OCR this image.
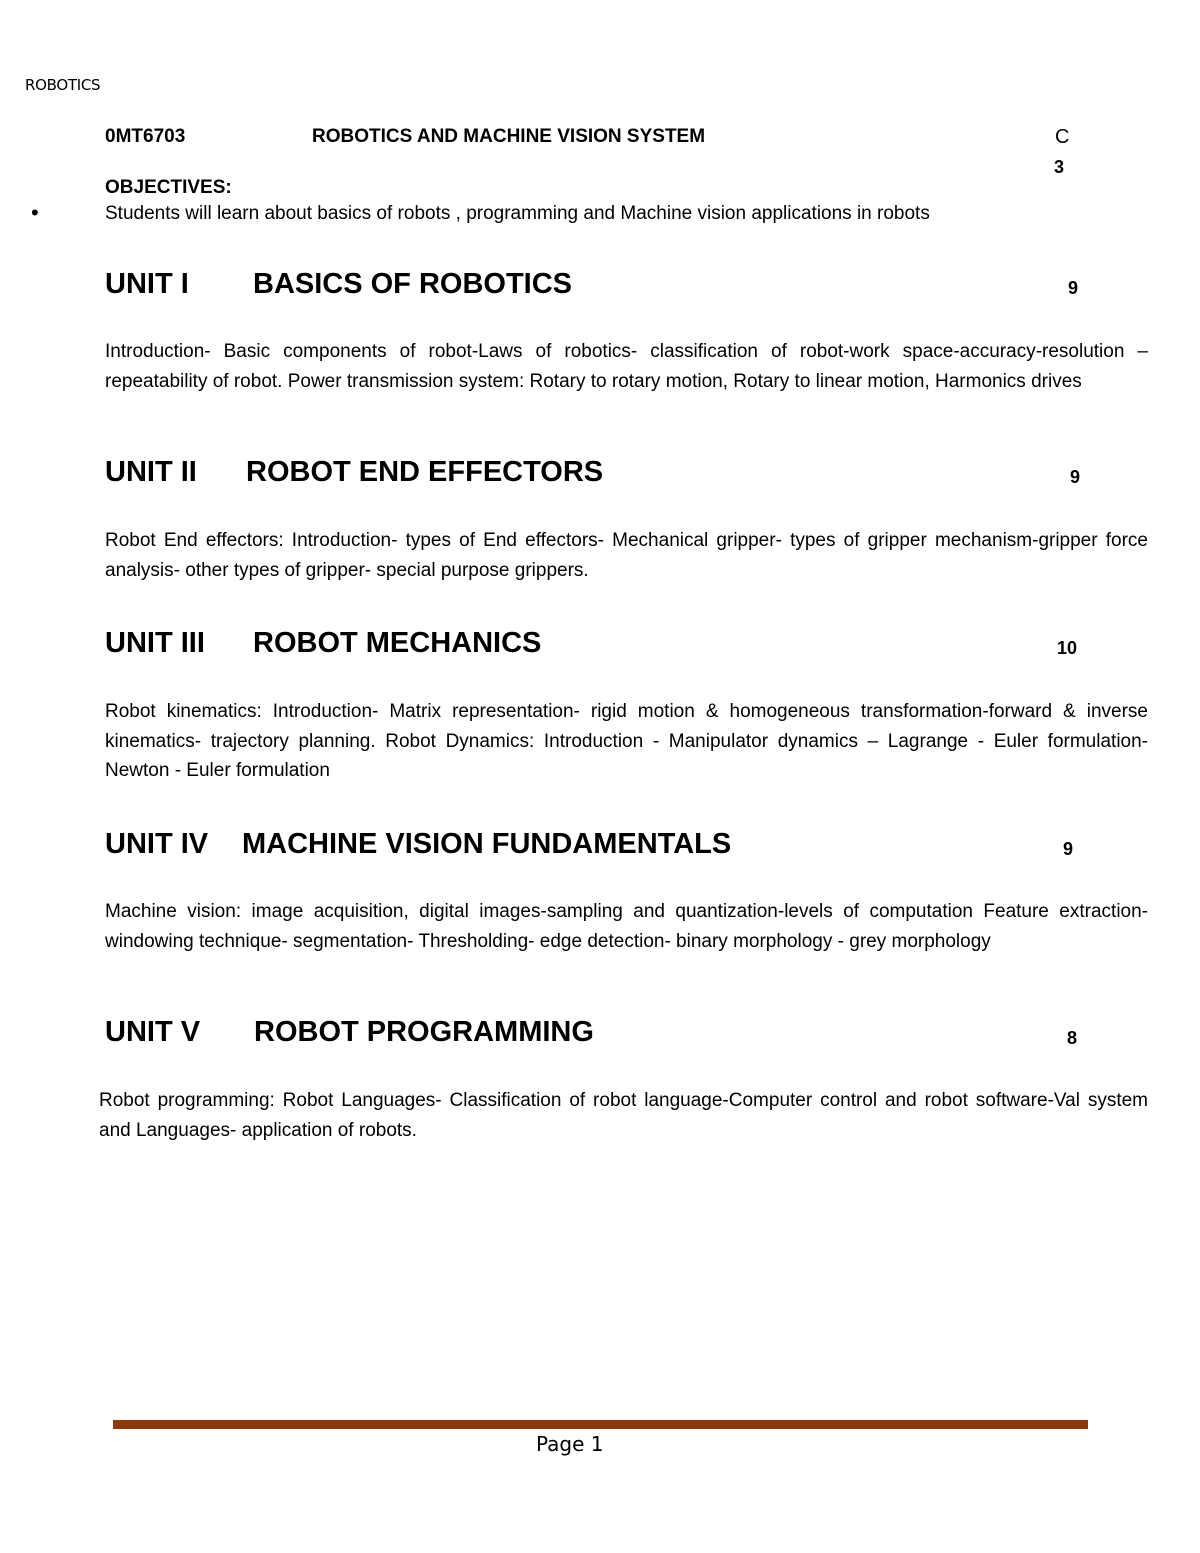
ROBOTICS
0MT6703	ROBOTICS AND MACHINE VISION SYSTEM	C
3
OBJECTIVES:
•	Students will learn about basics of robots , programming and Machine vision applications in robots
UNIT I BASICS OF ROBOTICS	9
Introduction- Basic components of robot-Laws of robotics- classification of robot-work space-accuracy-resolution –repeatability of robot. Power transmission system: Rotary to rotary motion, Rotary to linear motion, Harmonics drives
UNIT II ROBOT END EFFECTORS	9
Robot End effectors: Introduction- types of End effectors- Mechanical gripper- types of gripper mechanism-gripper force analysis- other types of gripper- special purpose grippers.
UNIT III ROBOT MECHANICS	10
Robot kinematics: Introduction- Matrix representation- rigid motion & homogeneous transformation-forward & inverse kinematics- trajectory planning. Robot Dynamics: Introduction - Manipulator dynamics – Lagrange - Euler formulation- Newton - Euler formulation
UNIT IV MACHINE VISION FUNDAMENTALS	9
Machine vision: image acquisition, digital images-sampling and quantization-levels of computation Feature extraction-windowing technique- segmentation- Thresholding- edge detection- binary morphology - grey morphology
UNIT V ROBOT PROGRAMMING	8
Robot programming: Robot Languages- Classification of robot language-Computer control and robot software-Val system and Languages- application of robots.
Page 1
